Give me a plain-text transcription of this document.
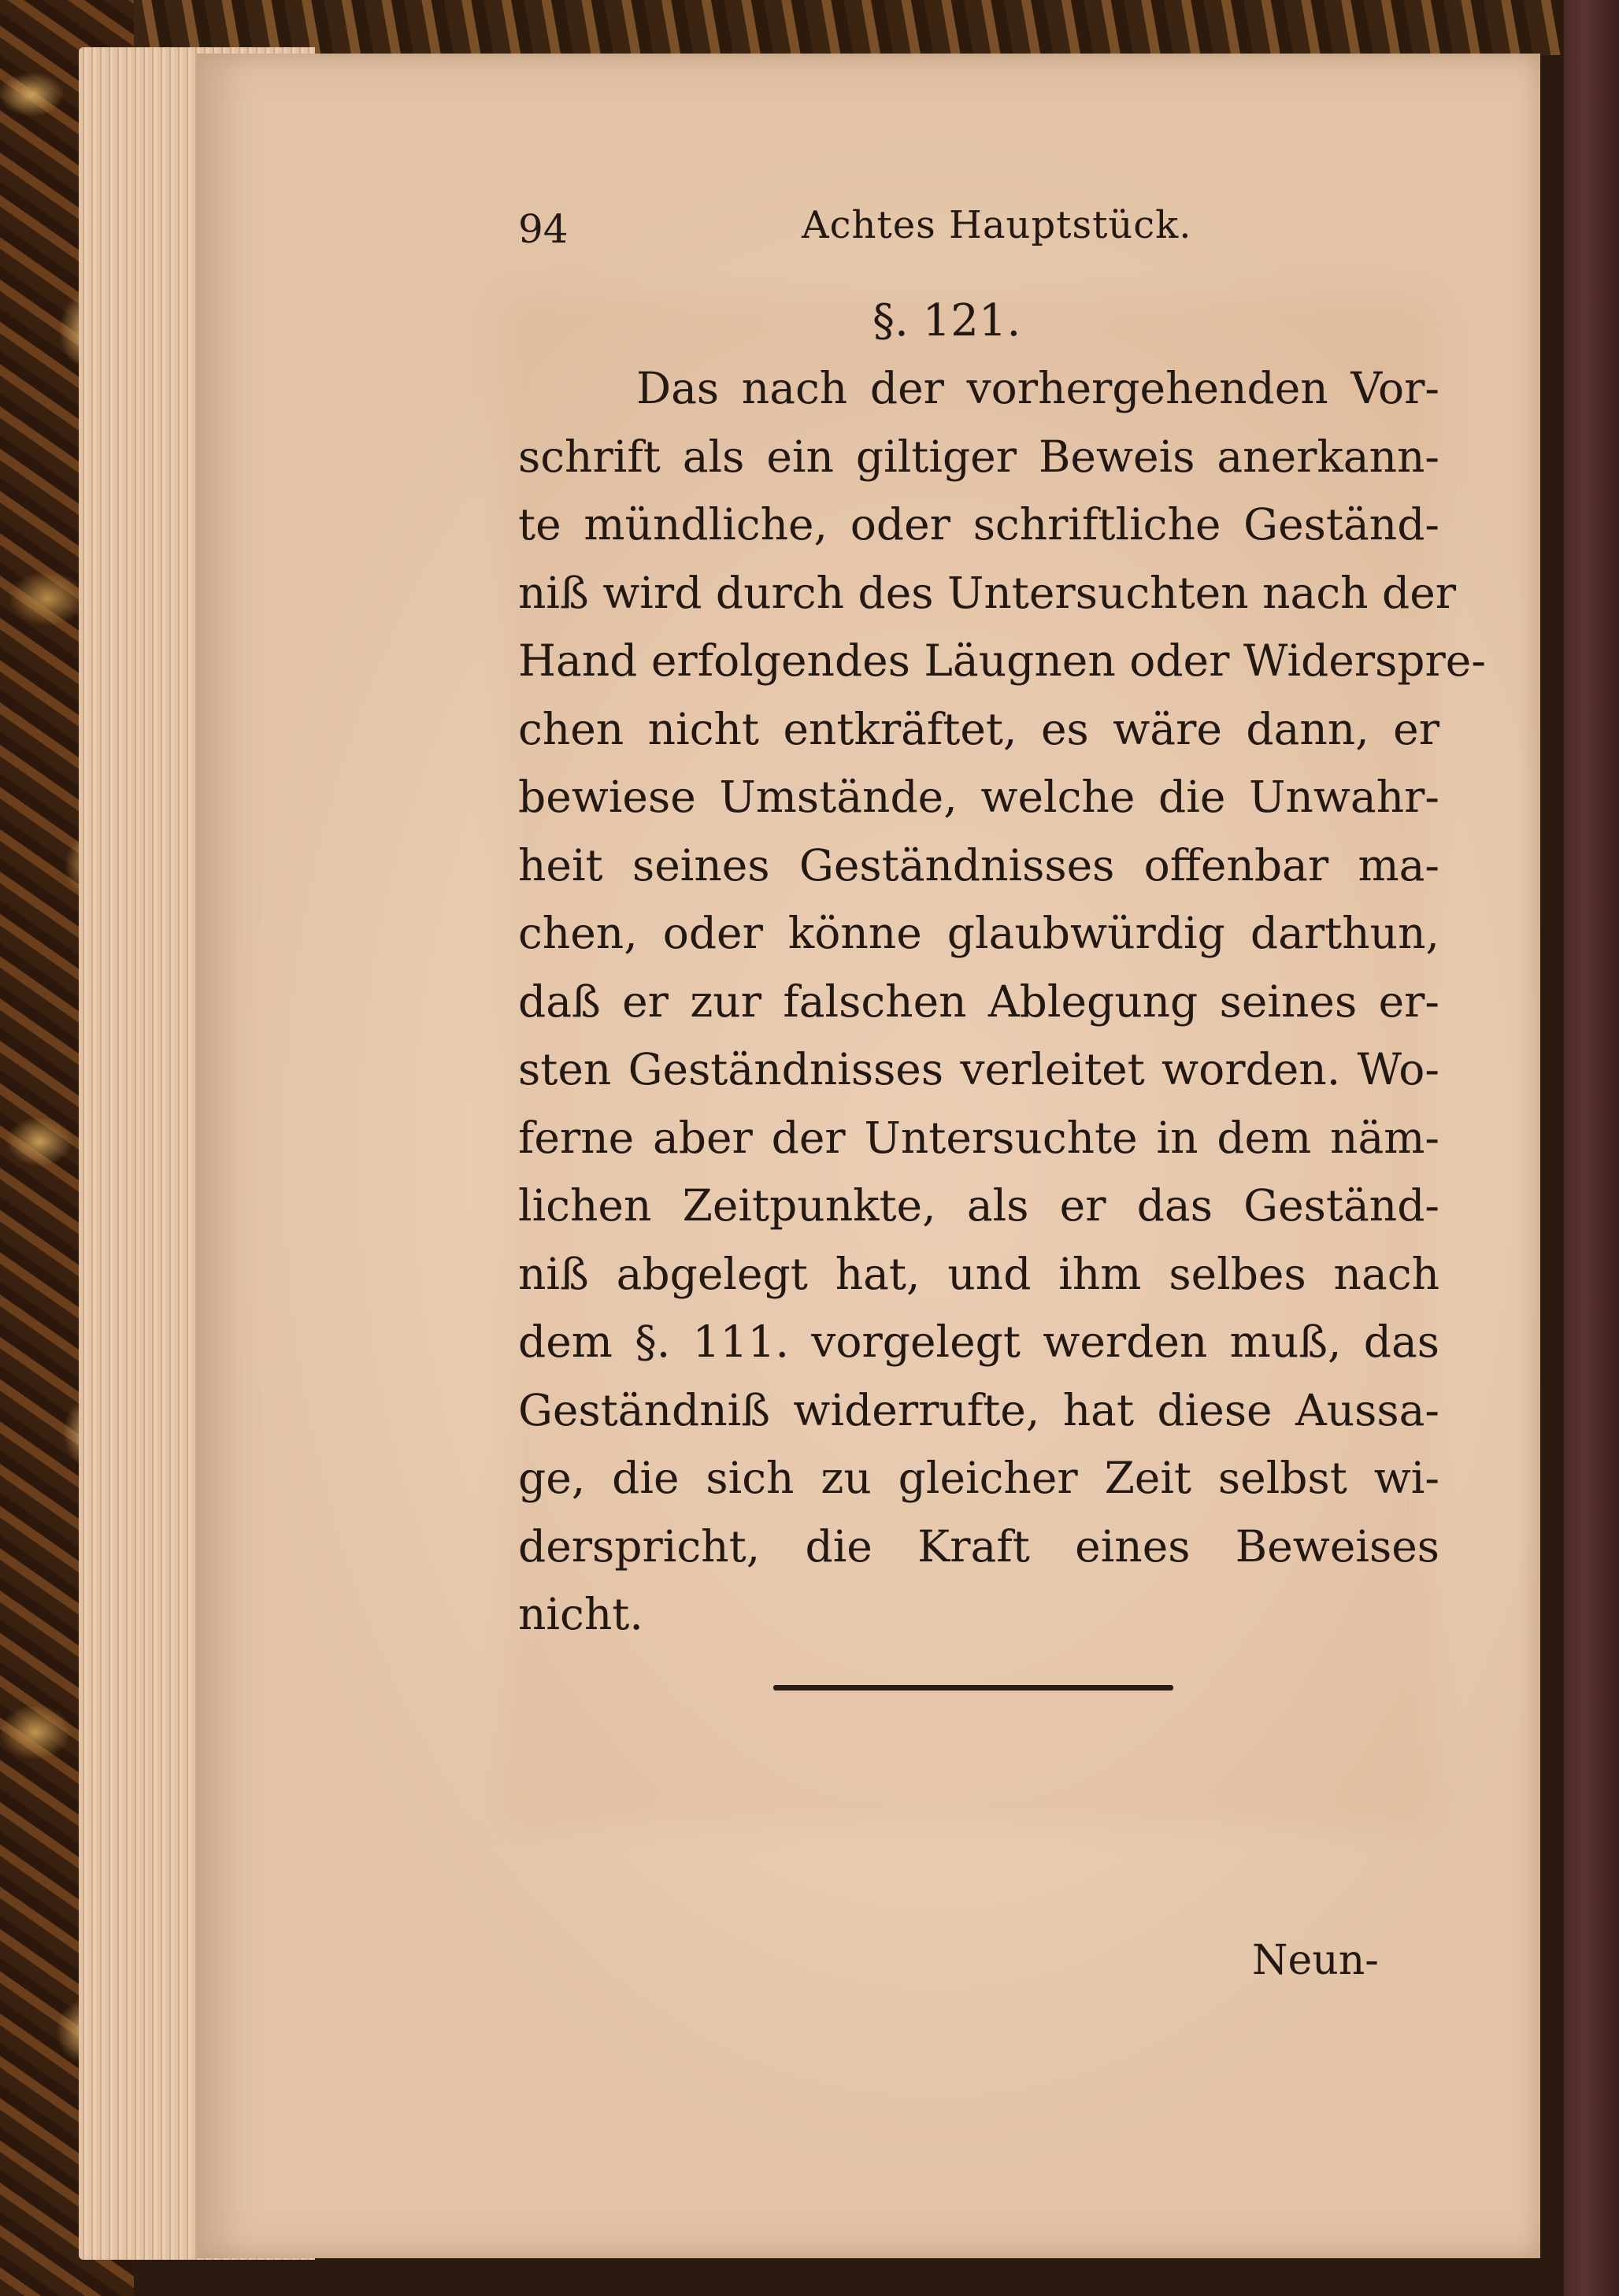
94	Achtes Hauptstück.
§. 121.
Das nach der vorhergehenden Vor-
schrift als ein giltiger Beweis anerkann-
te mündliche, oder schriftliche Geständ-
niß wird durch des Untersuchten nach der
Hand erfolgendes Läugnen oder Widerspre-
chen nicht entkräftet, es wäre dann, er
bewiese Umstände, welche die Unwahr-
heit seines Geständnisses offenbar ma-
chen, oder könne glaubwürdig darthun,
daß er zur falschen Ablegung seines er-
sten Geständnisses verleitet worden. Wo-
ferne aber der Untersuchte in dem näm-
lichen Zeitpunkte, als er das Geständ-
niß abgelegt hat, und ihm selbes nach
dem §. 111. vorgelegt werden muß, das
Geständniß widerrufte, hat diese Aussa-
ge, die sich zu gleicher Zeit selbst wi-
derspricht, die Kraft eines Beweises
nicht.
Neun-
